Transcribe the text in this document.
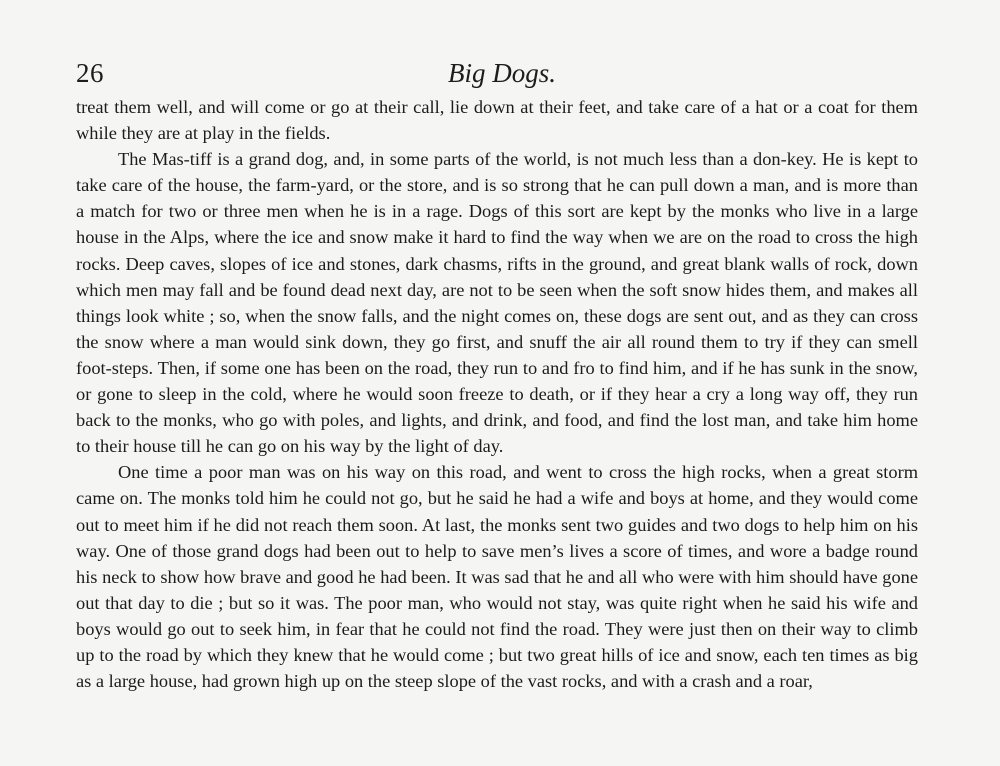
26	Big Dogs.

treat them well, and will come or go at their call, lie down at their feet, and take care of a hat or a coat for them while they are at play in the fields.

The Mas-tiff is a grand dog, and, in some parts of the world, is not much less than a don-key. He is kept to take care of the house, the farm-yard, or the store, and is so strong that he can pull down a man, and is more than a match for two or three men when he is in a rage. Dogs of this sort are kept by the monks who live in a large house in the Alps, where the ice and snow make it hard to find the way when we are on the road to cross the high rocks. Deep caves, slopes of ice and stones, dark chasms, rifts in the ground, and great blank walls of rock, down which men may fall and be found dead next day, are not to be seen when the soft snow hides them, and makes all things look white ; so, when the snow falls, and the night comes on, these dogs are sent out, and as they can cross the snow where a man would sink down, they go first, and snuff the air all round them to try if they can smell foot-steps. Then, if some one has been on the road, they run to and fro to find him, and if he has sunk in the snow, or gone to sleep in the cold, where he would soon freeze to death, or if they hear a cry a long way off, they run back to the monks, who go with poles, and lights, and drink, and food, and find the lost man, and take him home to their house till he can go on his way by the light of day.

One time a poor man was on his way on this road, and went to cross the high rocks, when a great storm came on. The monks told him he could not go, but he said he had a wife and boys at home, and they would come out to meet him if he did not reach them soon. At last, the monks sent two guides and two dogs to help him on his way. One of those grand dogs had been out to help to save men’s lives a score of times, and wore a badge round his neck to show how brave and good he had been. It was sad that he and all who were with him should have gone out that day to die ; but so it was. The poor man, who would not stay, was quite right when he said his wife and boys would go out to seek him, in fear that he could not find the road. They were just then on their way to climb up to the road by which they knew that he would come ; but two great hills of ice and snow, each ten times as big as a large house, had grown high up on the steep slope of the vast rocks, and with a crash and a roar,
